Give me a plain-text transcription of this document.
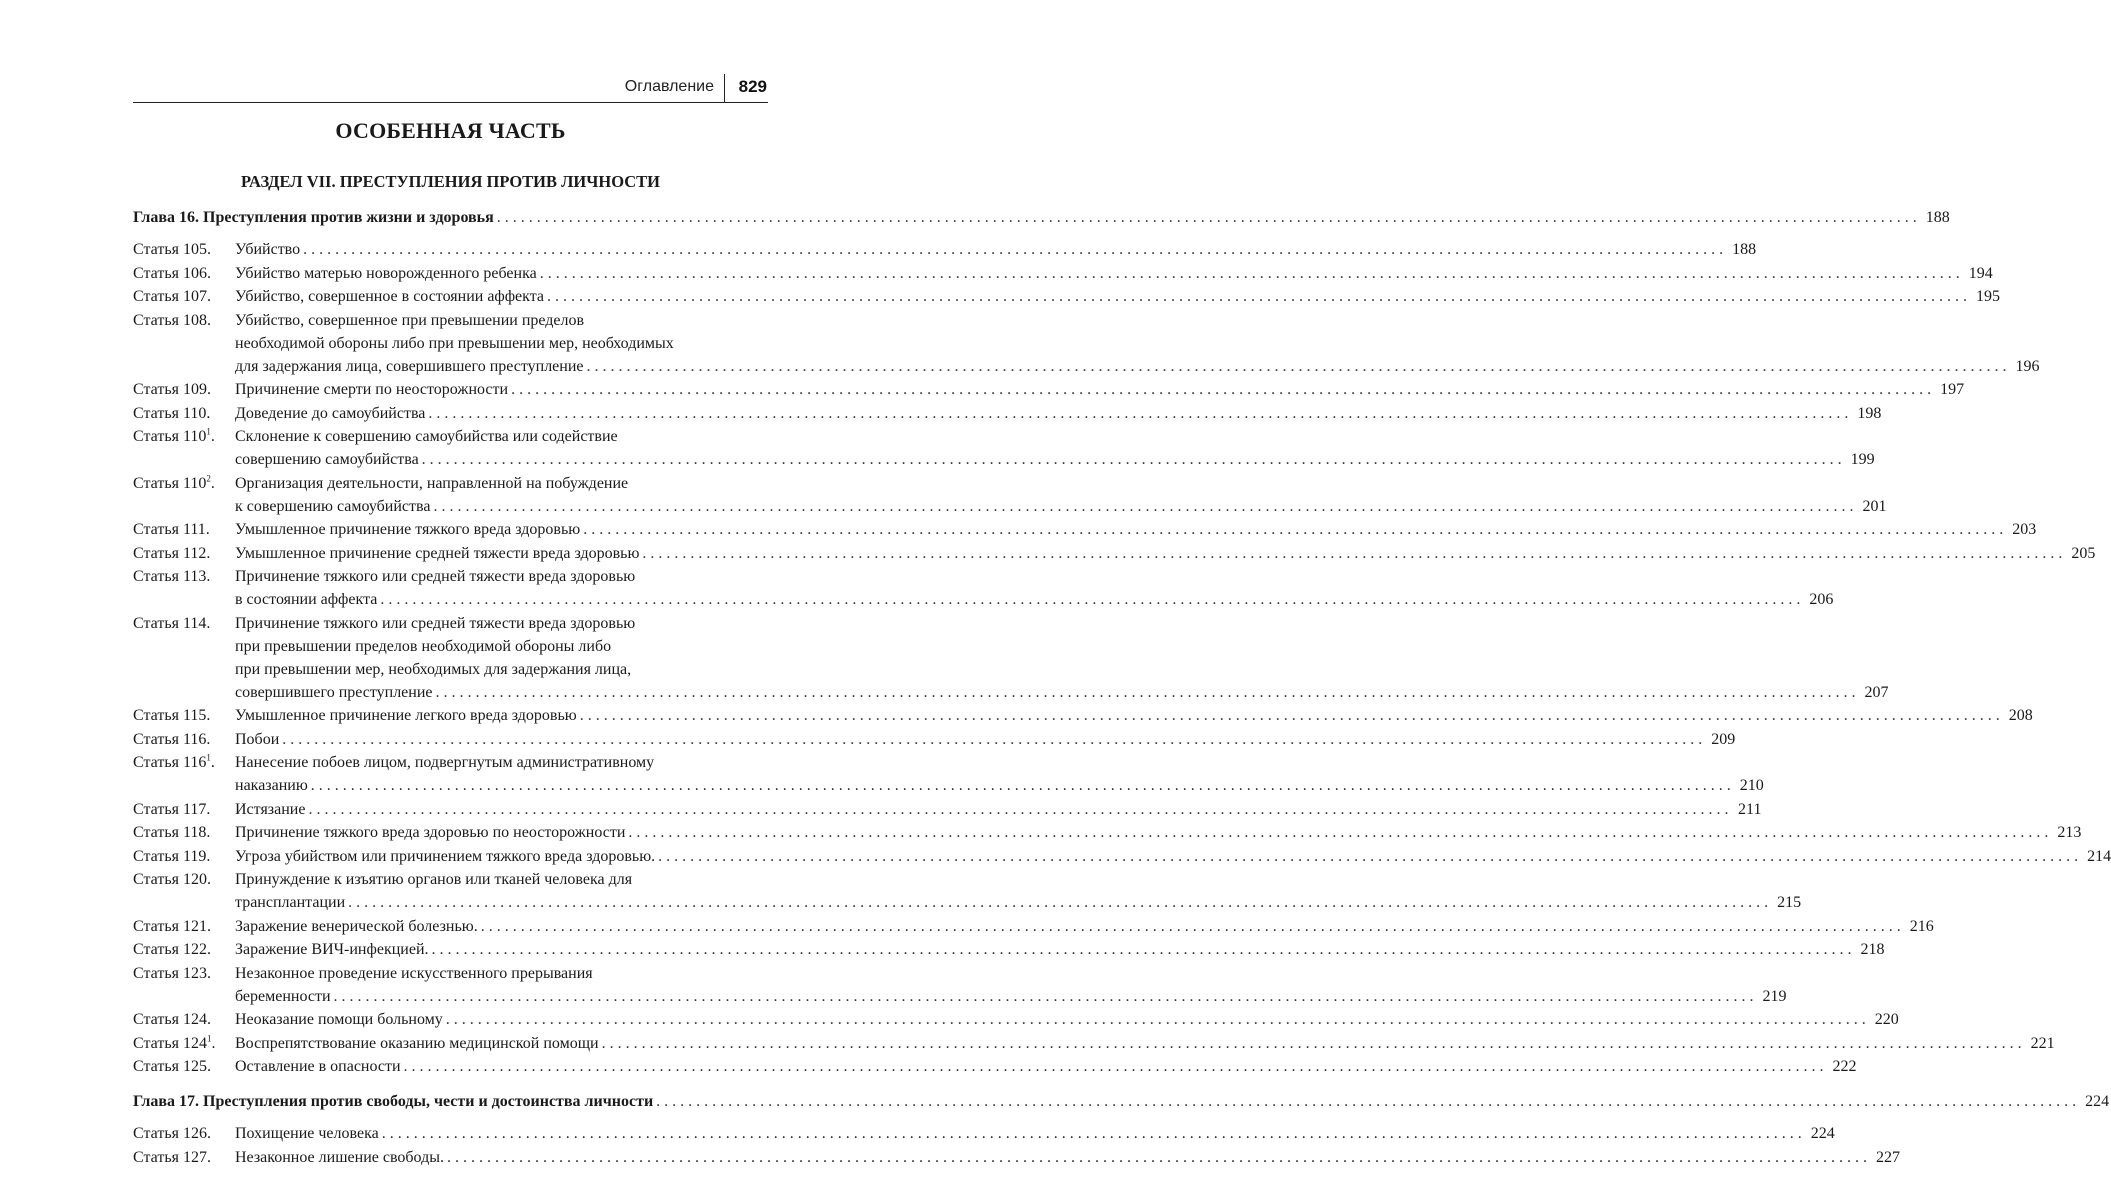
Оглавление 829
ОСОБЕННАЯ ЧАСТЬ
РАЗДЕЛ VII. ПРЕСТУПЛЕНИЯ ПРОТИВ ЛИЧНОСТИ
Глава 16. Преступления против жизни и здоровья . . .	188
Статья 105.	Убийство . . .	188
Статья 106.	Убийство матерью новорожденного ребенка . . .	194
Статья 107.	Убийство, совершенное в состоянии аффекта . . .	195
Статья 108.	Убийство, совершенное при превышении пределов
необходимой обороны либо при превышении мер, необходимых
для задержания лица, совершившего преступление . . .	196
Статья 109.	Причинение смерти по неосторожности . . .	197
Статья 110.	Доведение до самоубийства . . .	198
Статья $110^1$.	Склонение к совершению самоубийства или содействие
совершению самоубийства . . .	199
Статья $110^2$.	Организация деятельности, направленной на побуждение
к совершению самоубийства . . .	201
Статья 111.	Умышленное причинение тяжкого вреда здоровью . . .	203
Статья 112.	Умышленное причинение средней тяжести вреда здоровью . . .	205
Статья 113.	Причинение тяжкого или средней тяжести вреда здоровью
в состоянии аффекта . . .	206
Статья 114.	Причинение тяжкого или средней тяжести вреда здоровью
при превышении пределов необходимой обороны либо
при превышении мер, необходимых для задержания лица,
совершившего преступление . . .	207
Статья 115.	Умышленное причинение легкого вреда здоровью . . .	208
Статья 116.	Побои . . .	209
Статья $116^1$.	Нанесение побоев лицом, подвергнутым административному
наказанию . . .	210
Статья 117.	Истязание . . .	211
Статья 118.	Причинение тяжкого вреда здоровью по неосторожности . . .	213
Статья 119.	Угроза убийством или причинением тяжкого вреда здоровью. . . .	214
Статья 120.	Принуждение к изъятию органов или тканей человека для
трансплантации . . .	215
Статья 121.	Заражение венерической болезнью. . . .	216
Статья 122.	Заражение ВИЧ-инфекцией. . . .	218
Статья 123.	Незаконное проведение искусственного прерывания
беременности . . .	219
Статья 124.	Неоказание помощи больному . . .	220
Статья $124^1$.	Воспрепятствование оказанию медицинской помощи . . .	221
Статья 125.	Оставление в опасности . . .	222
Глава 17. Преступления против свободы, чести и достоинства личности . . .	224
Статья 126.	Похищение человека . . .	224
Статья 127.	Незаконное лишение свободы. . . .	227
